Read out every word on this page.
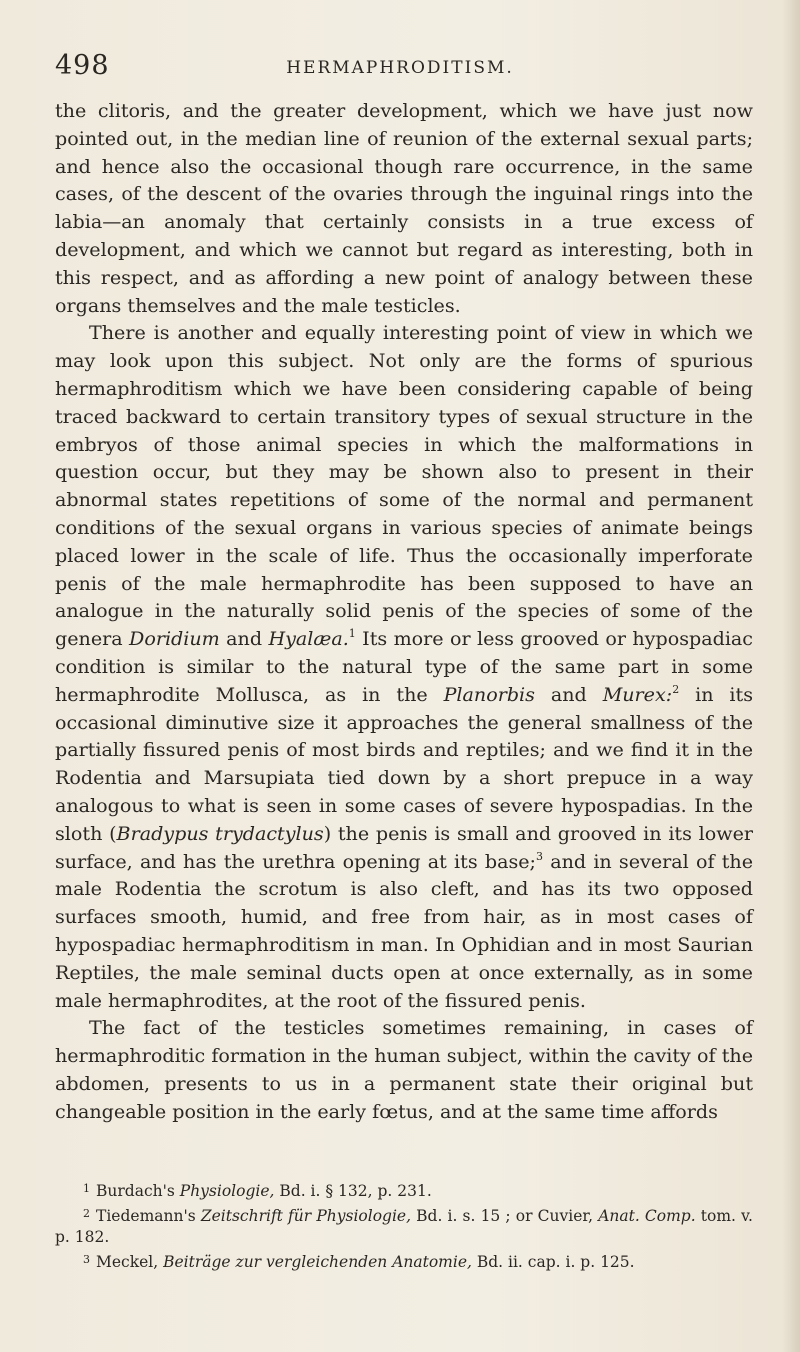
498	HERMAPHRODITISM.

the clitoris, and the greater development, which we have just now pointed out, in the median line of reunion of the external sexual parts; and hence also the occasional though rare occurrence, in the same cases, of the descent of the ovaries through the inguinal rings into the labia—an anomaly that certainly consists in a true excess of development, and which we cannot but regard as interesting, both in this respect, and as affording a new point of analogy between these organs themselves and the male testicles.

There is another and equally interesting point of view in which we may look upon this subject. Not only are the forms of spurious hermaphroditism which we have been considering capable of being traced backward to certain transitory types of sexual structure in the embryos of those animal species in which the malformations in question occur, but they may be shown also to present in their abnormal states repetitions of some of the normal and permanent conditions of the sexual organs in various species of animate beings placed lower in the scale of life. Thus the occasionally imperforate penis of the male hermaphrodite has been supposed to have an analogue in the naturally solid penis of the species of some of the genera Doridium and Hyalæa.$^1$ Its more or less grooved or hypospadiac condition is similar to the natural type of the same part in some hermaphrodite Mollusca, as in the Planorbis and Murex:$^2$ in its occasional diminutive size it approaches the general smallness of the partially fissured penis of most birds and reptiles; and we find it in the Rodentia and Marsupiata tied down by a short prepuce in a way analogous to what is seen in some cases of severe hypospadias. In the sloth (Bradypus trydactylus) the penis is small and grooved in its lower surface, and has the urethra opening at its base;$^3$ and in several of the male Rodentia the scrotum is also cleft, and has its two opposed surfaces smooth, humid, and free from hair, as in most cases of hypospadiac hermaphroditism in man. In Ophidian and in most Saurian Reptiles, the male seminal ducts open at once externally, as in some male hermaphrodites, at the root of the fissured penis.

The fact of the testicles sometimes remaining, in cases of hermaphroditic formation in the human subject, within the cavity of the abdomen, presents to us in a permanent state their original but changeable position in the early fœtus, and at the same time affords

$^1$ Burdach's Physiologie, Bd. i. § 132, p. 231.
$^2$ Tiedemann's Zeitschrift für Physiologie, Bd. i. s. 15 ; or Cuvier, Anat. Comp. tom. v. p. 182.
$^3$ Meckel, Beiträge zur vergleichenden Anatomie, Bd. ii. cap. i. p. 125.
